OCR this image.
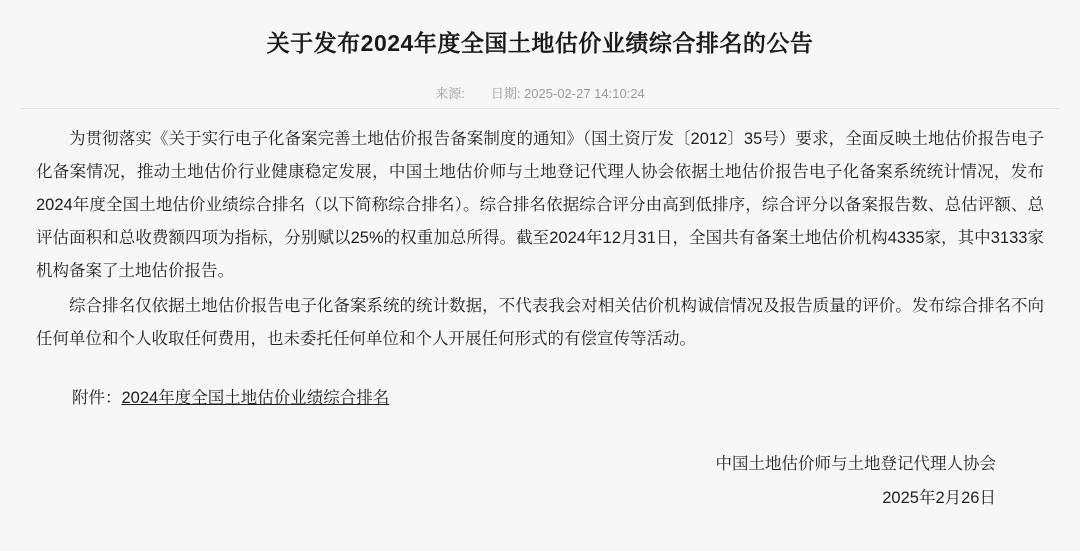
关于发布2024年度全国土地估价业绩综合排名的公告
来源: 日期: 2025-02-27 14:10:24

为贯彻落实《关于实行电子化备案完善土地估价报告备案制度的通知》（国土资厅发〔2012〕35号）要求，全面反映土地估价报告电子化备案情况，推动土地估价行业健康稳定发展，中国土地估价师与土地登记代理人协会依据土地估价报告电子化备案系统统计情况，发布2024年度全国土地估价业绩综合排名（以下简称综合排名）。综合排名依据综合评分由高到低排序，综合评分以备案报告数、总估评额、总评估面积和总收费额四项为指标，分别赋以25%的权重加总所得。截至2024年12月31日，全国共有备案土地估价机构4335家，其中3133家机构备案了土地估价报告。

综合排名仅依据土地估价报告电子化备案系统的统计数据，不代表我会对相关估价机构诚信情况及报告质量的评价。发布综合排名不向任何单位和个人收取任何费用，也未委托任何单位和个人开展任何形式的有偿宣传等活动。

附件：2024年度全国土地估价业绩综合排名
中国土地估价师与土地登记代理人协会
2025年2月26日
